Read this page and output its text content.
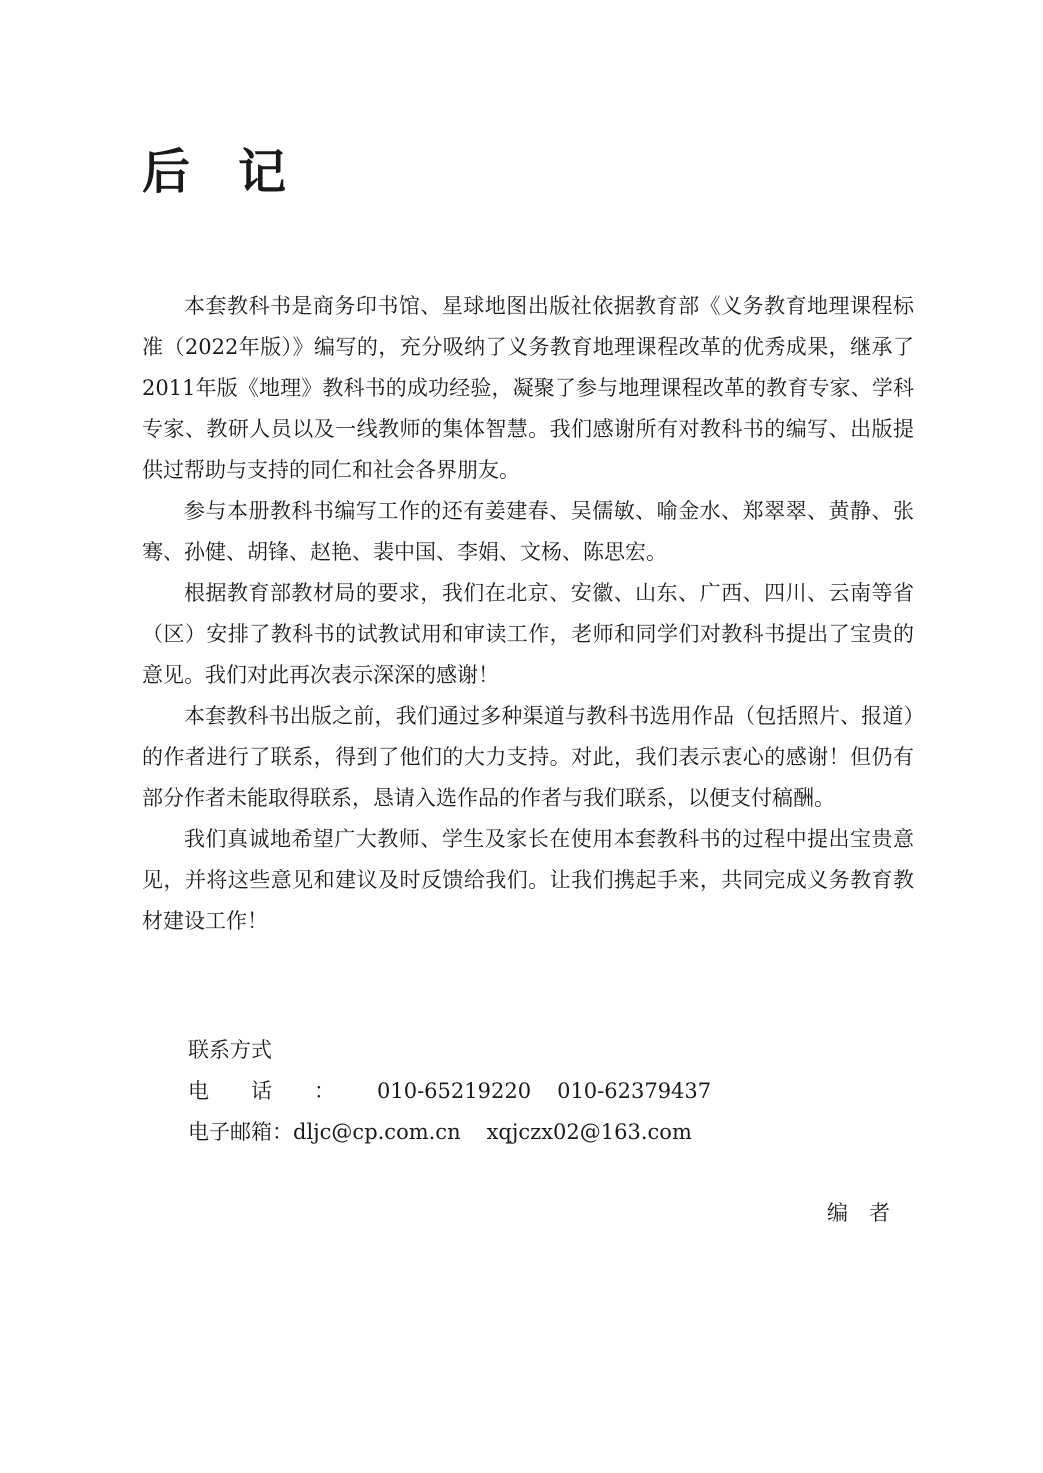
后记

本套教科书是商务印书馆、星球地图出版社依据教育部《义务教育地理课程标准（2022年版）》编写的，充分吸纳了义务教育地理课程改革的优秀成果，继承了2011年版《地理》教科书的成功经验，凝聚了参与地理课程改革的教育专家、学科专家、教研人员以及一线教师的集体智慧。我们感谢所有对教科书的编写、出版提供过帮助与支持的同仁和社会各界朋友。

参与本册教科书编写工作的还有姜建春、吴儒敏、喻金水、郑翠翠、黄静、张骞、孙健、胡锋、赵艳、裴中国、李娟、文杨、陈思宏。

根据教育部教材局的要求，我们在北京、安徽、山东、广西、四川、云南等省（区）安排了教科书的试教试用和审读工作，老师和同学们对教科书提出了宝贵的意见。我们对此再次表示深深的感谢！

本套教科书出版之前，我们通过多种渠道与教科书选用作品（包括照片、报道）的作者进行了联系，得到了他们的大力支持。对此，我们表示衷心的感谢！但仍有部分作者未能取得联系，恳请入选作品的作者与我们联系，以便支付稿酬。

我们真诚地希望广大教师、学生及家长在使用本套教科书的过程中提出宝贵意见，并将这些意见和建议及时反馈给我们。让我们携起手来，共同完成义务教育教材建设工作！

联系方式
电话：010-65219220 010-62379437
电子邮箱：dljc@cp.com.cn xqjczx02@163.com
编者
